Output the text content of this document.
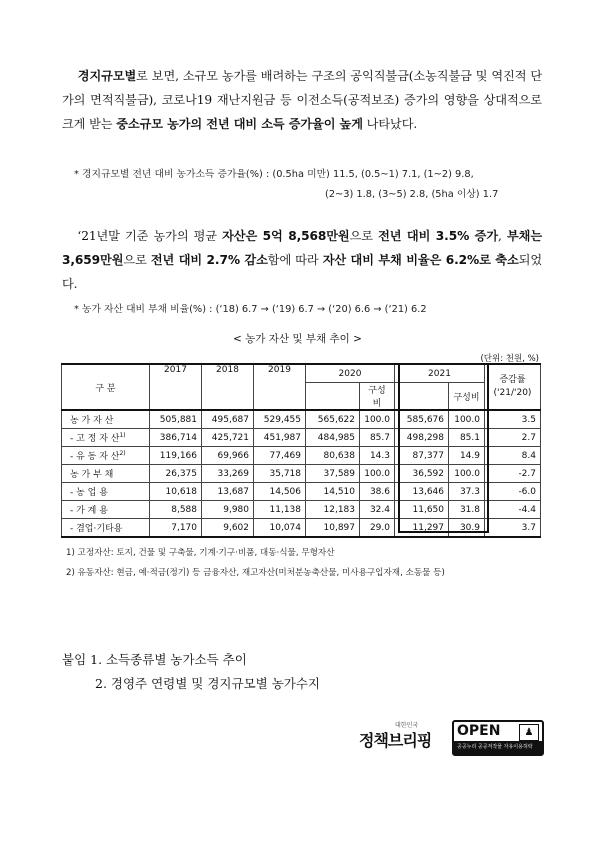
경지규모별로 보면, 소규모 농가를 배려하는 구조의 공익직불금(소농직불금 및 역진적 단가의 면적직불금), 코로나19 재난지원금 등 이전소득(공적보조) 증가의 영향을 상대적으로 크게 받는 중소규모 농가의 전년 대비 소득 증가율이 높게 나타났다.
* 경지규모별 전년 대비 농가소득 증가율(%) : (0.5ha 미만) 11.5, (0.5~1) 7.1, (1~2) 9.8,
(2~3) 1.8, (3~5) 2.8, (5ha 이상) 1.7
‘21년말 기준 농가의 평균 자산은 5억 8,568만원으로 전년 대비 3.5% 증가, 부채는 3,659만원으로 전년 대비 2.7% 감소함에 따라 자산 대비 부채 비율은 6.2%로 축소되었다.
* 농가 자산 대비 부채 비율(%) : (‘18) 6.7 → (‘19) 6.7 → (‘20) 6.6 → (‘21) 6.2
< 농가 자산 및 부채 추이 >
(단위: 천원, %)
구 분	2017	2018	2019	2020		2021		증감률
('21/'20)
					구성비		구성비	
농 가 자 산	505,881	495,687	529,455	565,622	100.0	585,676	100.0	3.5
- 고 정 자 산$^{1)}$	386,714	425,721	451,987	484,985	85.7	498,298	85.1	2.7
- 유 동 자 산$^{2)}$	119,166	69,966	77,469	80,638	14.3	87,377	14.9	8.4
농 가 부 채	26,375	33,269	35,718	37,589	100.0	36,592	100.0	-2.7
- 농 업 용	10,618	13,687	14,506	14,510	38.6	13,646	37.3	-6.0
- 가 계 용	8,588	9,980	11,138	12,183	32.4	11,650	31.8	-4.4
- 겸업·기타용	7,170	9,602	10,074	10,897	29.0	11,297	30.9	3.7
1) 고정자산: 토지, 건물 및 구축물, 기계·기구·비품, 대동·식물, 무형자산
2) 유동자산: 현금, 예·적금(정기) 등 금융자산, 재고자산(미처분농축산물, 미사용구입자재, 소동물 등)
붙임 1. 소득종류별 농가소득 추이
2. 경영주 연령별 및 경지규모별 농가수지
대한민국
정책브리핑 OPEN	♟
공공누리 공공저작물 자유이용허락
